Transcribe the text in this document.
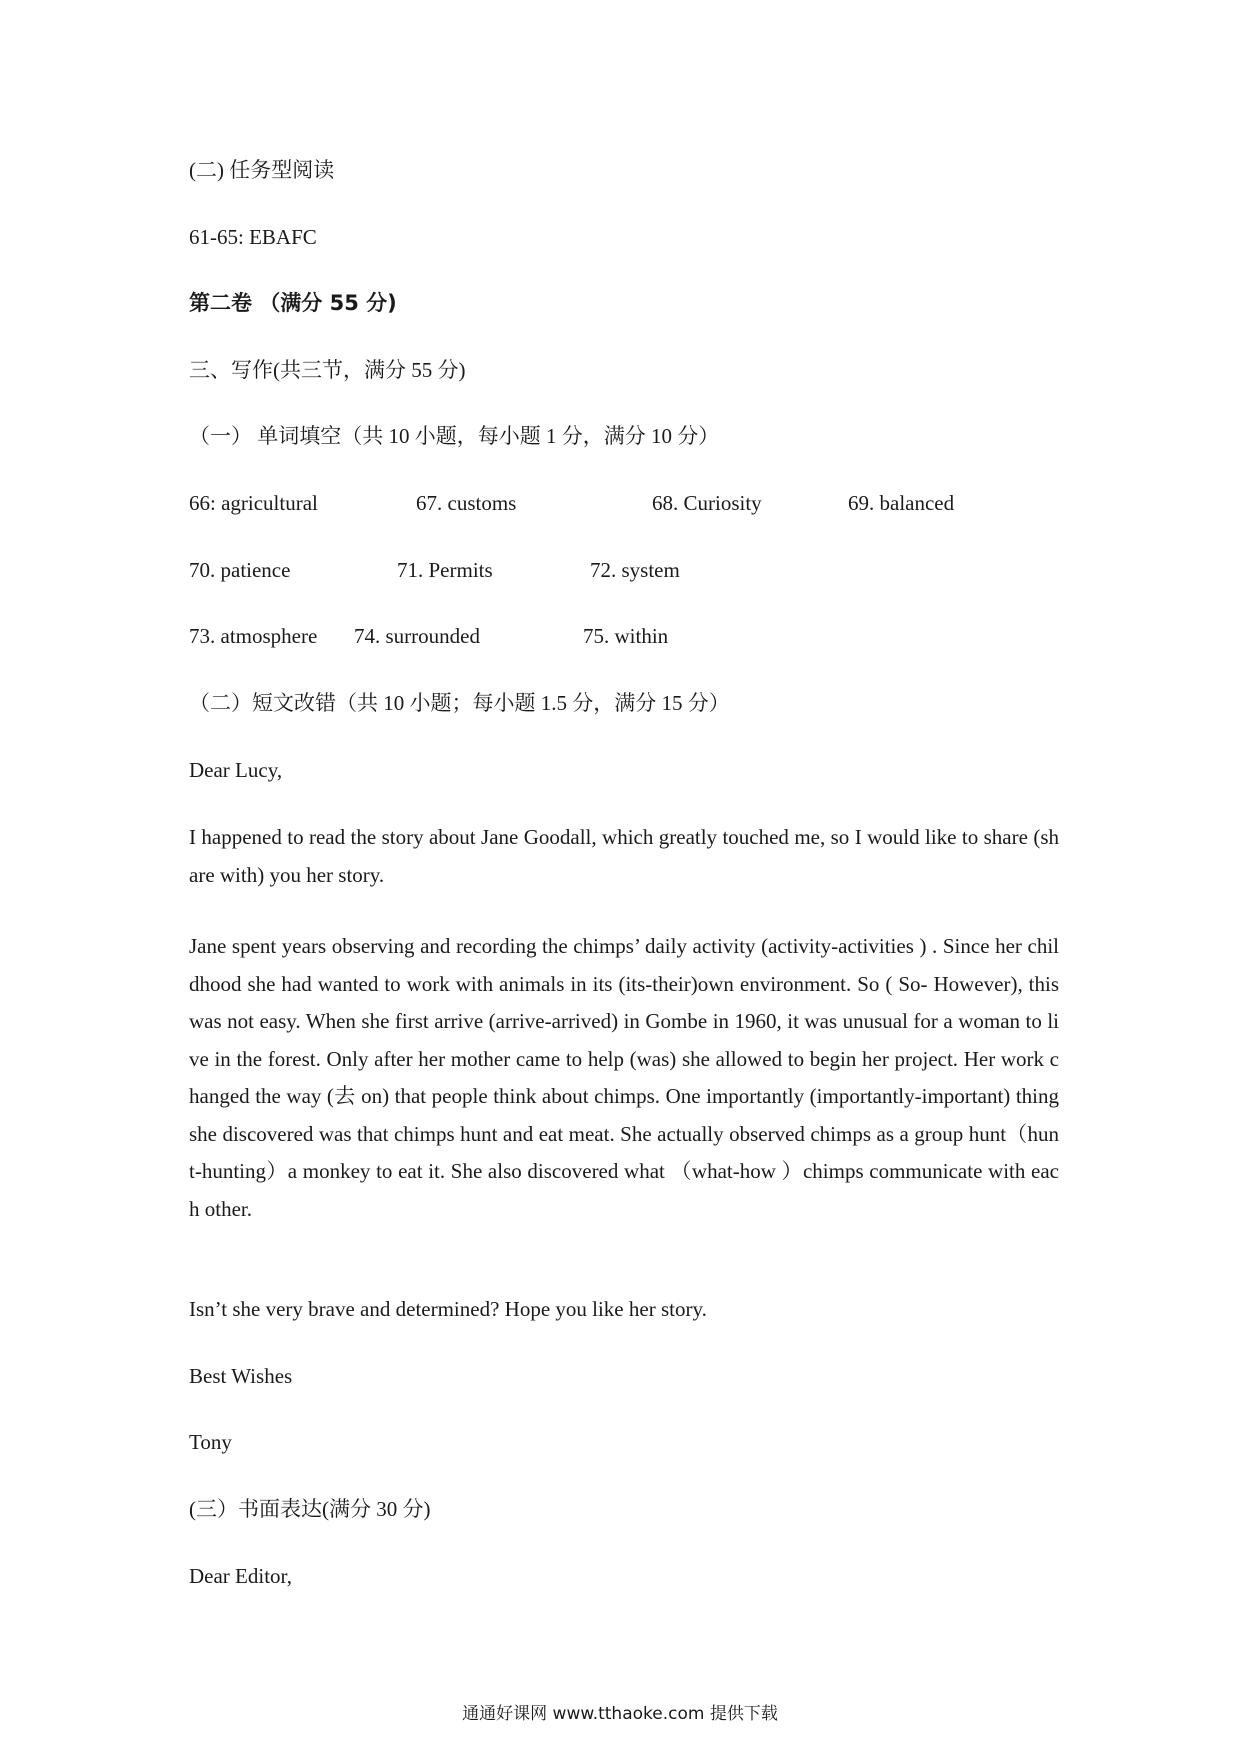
(二) 任务型阅读
61-65: EBAFC
第二卷 （满分 55 分)
三、写作(共三节，满分 55 分)
（一） 单词填空（共 10 小题，每小题 1 分，满分 10 分）
66: agricultural	67. customs	68. Curiosity	69. balanced
70. patience	71. Permits	72. system
73. atmosphere 74. surrounded	75. within
（二）短文改错（共 10 小题；每小题 1.5 分，满分 15 分）
Dear Lucy,
I happened to read the story about Jane Goodall, which greatly touched me, so I would like to share (share with) you her story.
Jane spent years observing and recording the chimps’ daily activity (activity-activities ) . Since her childhood she had wanted to work with animals in its (its-their)own environment. So ( So- However), this was not easy. When she first arrive (arrive-arrived) in Gombe in 1960, it was unusual for a woman to live in the forest. Only after her mother came to help (was) she allowed to begin her project. Her work changed the way (去 on) that people think about chimps. One importantly (importantly-important) thing she discovered was that chimps hunt and eat meat. She actually observed chimps as a group hunt（hunt-hunting）a monkey to eat it. She also discovered what （what-how ）chimps communicate with each other.
Isn’t she very brave and determined? Hope you like her story.
Best Wishes
Tony
(三）书面表达(满分 30 分)
Dear Editor,
通通好课网 www.tthaoke.com 提供下载
